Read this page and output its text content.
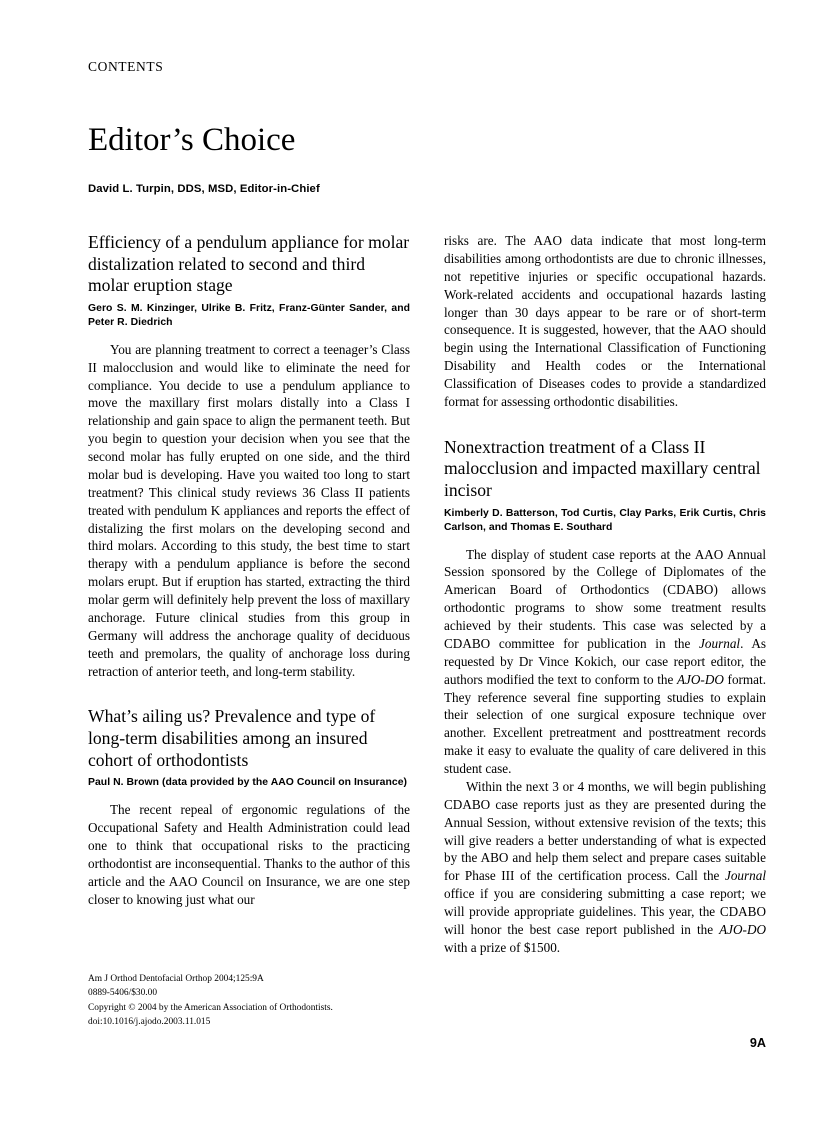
CONTENTS
Editor’s Choice
David L. Turpin, DDS, MSD, Editor-in-Chief
Efficiency of a pendulum appliance for molar distalization related to second and third molar eruption stage
Gero S. M. Kinzinger, Ulrike B. Fritz, Franz-Günter Sander, and Peter R. Diedrich

You are planning treatment to correct a teenager’s Class II malocclusion and would like to eliminate the need for compliance. You decide to use a pendulum appliance to move the maxillary first molars distally into a Class I relationship and gain space to align the permanent teeth. But you begin to question your decision when you see that the second molar has fully erupted on one side, and the third molar bud is developing. Have you waited too long to start treatment? This clinical study reviews 36 Class II patients treated with pendulum K appliances and reports the effect of distalizing the first molars on the developing second and third molars. According to this study, the best time to start therapy with a pendulum appliance is before the second molars erupt. But if eruption has started, extracting the third molar germ will definitely help prevent the loss of maxillary anchorage. Future clinical studies from this group in Germany will address the anchorage quality of deciduous teeth and premolars, the quality of anchorage loss during retraction of anterior teeth, and long-term stability.

What’s ailing us? Prevalence and type of long-term disabilities among an insured cohort of orthodontists
Paul N. Brown (data provided by the AAO Council on Insurance)

The recent repeal of ergonomic regulations of the Occupational Safety and Health Administration could lead one to think that occupational risks to the practicing orthodontist are inconsequential. Thanks to the author of this article and the AAO Council on Insurance, we are one step closer to knowing just what our

risks are. The AAO data indicate that most long-term disabilities among orthodontists are due to chronic illnesses, not repetitive injuries or specific occupational hazards. Work-related accidents and occupational hazards lasting longer than 30 days appear to be rare or of short-term consequence. It is suggested, however, that the AAO should begin using the International Classification of Functioning Disability and Health codes or the International Classification of Diseases codes to provide a standardized format for assessing orthodontic disabilities.

Nonextraction treatment of a Class II malocclusion and impacted maxillary central incisor
Kimberly D. Batterson, Tod Curtis, Clay Parks, Erik Curtis, Chris Carlson, and Thomas E. Southard

The display of student case reports at the AAO Annual Session sponsored by the College of Diplomates of the American Board of Orthodontics (CDABO) allows orthodontic programs to show some treatment results achieved by their students. This case was selected by a CDABO committee for publication in the Journal. As requested by Dr Vince Kokich, our case report editor, the authors modified the text to conform to the AJO-DO format. They reference several fine supporting studies to explain their selection of one surgical exposure technique over another. Excellent pretreatment and posttreatment records make it easy to evaluate the quality of care delivered in this student case.

Within the next 3 or 4 months, we will begin publishing CDABO case reports just as they are presented during the Annual Session, without extensive revision of the texts; this will give readers a better understanding of what is expected by the ABO and help them select and prepare cases suitable for Phase III of the certification process. Call the Journal office if you are considering submitting a case report; we will provide appropriate guidelines. This year, the CDABO will honor the best case report published in the AJO-DO with a prize of $1500.

Am J Orthod Dentofacial Orthop 2004;125:9A
0889-5406/$30.00
Copyright © 2004 by the American Association of Orthodontists.
doi:10.1016/j.ajodo.2003.11.015
9A
